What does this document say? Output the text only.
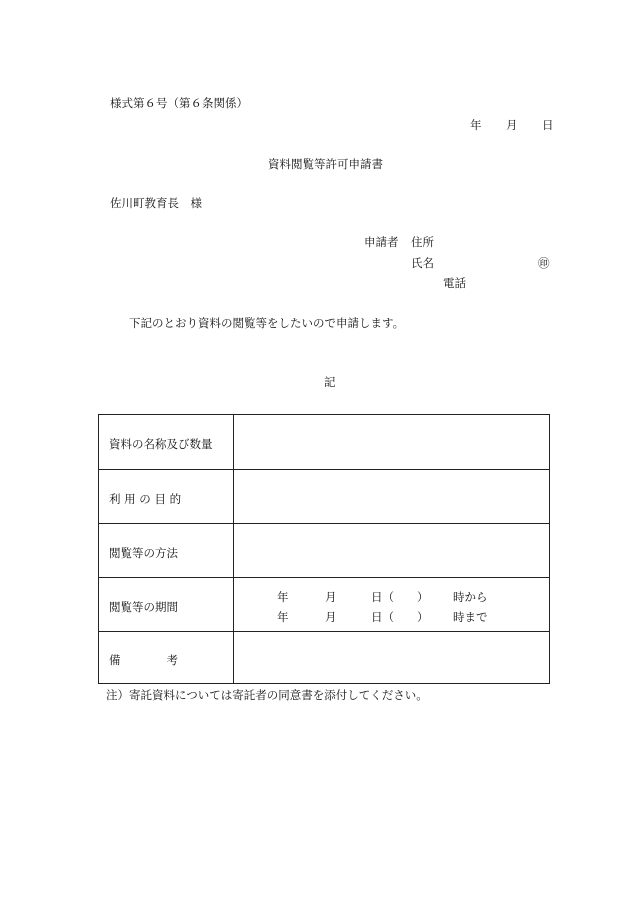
様式第６号（第６条関係）
年 月 日
資料閲覧等許可申請書
佐川町教育長　様
申請者 住所
氏名	㊞
電話
下記のとおり資料の閲覧等をしたいので申請します。
記
資料の名称及び数量
利 用 の 目 的
閲覧等の方法
閲覧等の期間
年	月	日（　　） 時から
年	月	日（　　） 時まで
備　　　　考
注）寄託資料については寄託者の同意書を添付してください。
